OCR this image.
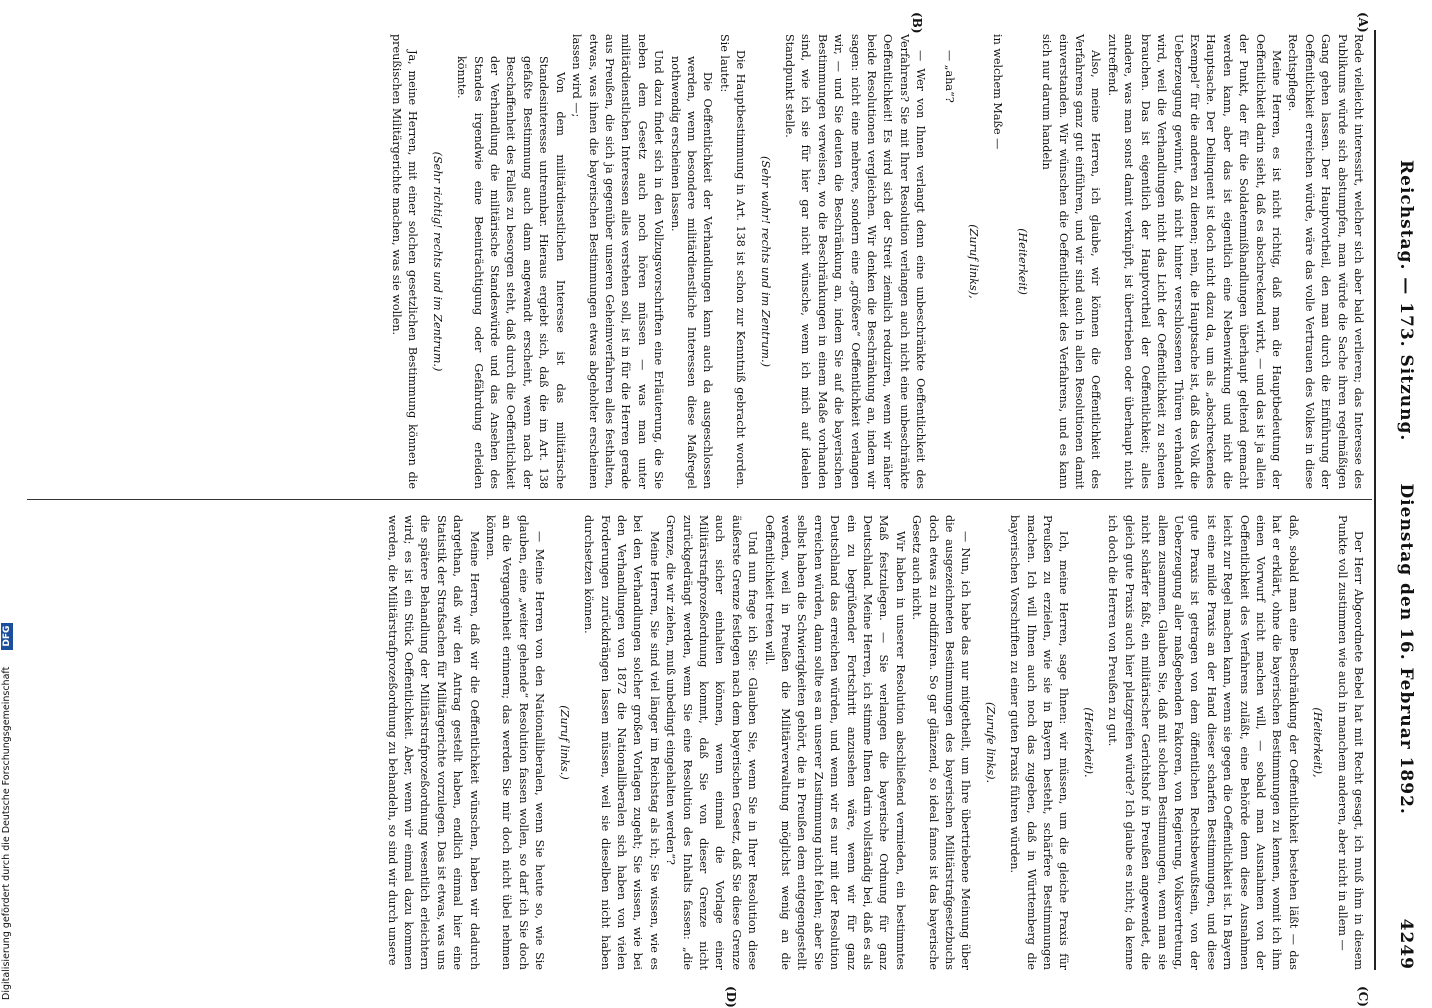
Reichstag. — 173. Sitzung.
Dienstag den 16. Februar 1892.  4249
(A)
(B)
(C)
(D)

Rede vielleicht interessirt, welcher sich aber bald verlieren; das Interesse des Publikums würde sich abstumpfen, man würde die Sache ihren regelmäßigen Gang gehen lassen. Der Hauptvortheil, den man durch die Einführung der Oeffentlichkeit erreichen würde, wäre das volle Vertrauen des Volkes in diese Rechtspflege.

Meine Herren, es ist nicht richtig, daß man die Hauptbedeutung der Oeffentlichkeit darin sieht, daß es abschreckend wirkt, — und das ist ja allein der Punkt, der für die Soldatenmißhandlungen überhaupt geltend gemacht werden kann, aber das ist eigentlich eine Nebenwirkung und nicht die Hauptsache. Der Delinquent ist doch nicht dazu da, um als „abschreckendes Exempel“ für die anderen zu dienen; nein, die Hauptsache ist, daß das Volk die Ueberzeugung gewinnt, daß nicht hinter verschlossenen Thüren verhandelt wird, weil die Verhandlungen nicht das Licht der Oeffentlichkeit zu scheuen brauchen. Das ist eigentlich der Hauptvortheil der Oeffentlichkeit; alles andere, was man sonst damit verknüpft, ist übertrieben oder überhaupt nicht zutreffend.

Also, meine Herren, ich glaube, wir können die Oeffentlichkeit des Verfahrens ganz gut einführen, und wir sind auch in allen Resolutionen damit einverstanden. Wir wünschen die Oeffentlichkeit des Verfahrens, und es kann sich nur darum handeln

(Heiterkeit)

in welchem Maße —

(Zuruf links),

— „aha“?

— Wer von Ihnen verlangt denn eine unbeschränkte Oeffentlichkeit des Verfahrens? Sie mit Ihrer Resolution verlangen auch nicht eine unbeschränkte Oeffentlichkeit! Es wird sich der Streit ziemlich reduziren, wenn wir näher beide Resolutionen vergleichen. Wir denken die Beschränkung an, indem wir sagen: nicht eine mehrere, sondern eine „größere“ Oeffentlichkeit verlangen wir, — und Sie deuten die Beschränkung an, indem Sie auf die bayerischen Bestimmungen verweisen, wo die Beschränkungen in einem Maße vorhanden sind, wie ich sie für hier gar nicht wünsche, wenn ich mich auf idealen Standpunkt stelle.

(Sehr wahr! rechts und im Zentrum.)

Die Hauptbestimmung in Art. 138 ist schon zur Kenntniß gebracht worden. Sie lautet:

Die Oeffentlichkeit der Verhandlungen kann auch da ausgeschlossen werden, wenn besondere militärdienstliche Interessen diese Maßregel nothwendig erscheinen lassen.

Und dazu findet sich in den Vollzugsvorschriften eine Erläuterung, die Sie neben dem Gesetz auch noch hören müssen — was man unter militärdienstlichen Interessen alles verstehen soll, ist in für die Herren gerade aus Preußen, die sich ja gegenüber unseren Geheimverfahren alles festhalten, etwas, was ihnen die bayerischen Bestimmungen etwas abgeholter erscheinen lassen wird —;

Von dem militärdienstlichen Interesse ist das militärische Standesinteresse untrennbar. Hieraus ergiebt sich, daß die im Art. 138 gefaßte Bestimmung auch dann angewandt erscheint, wenn nach der Beschaffenheit des Falles zu besorgen steht, daß durch die Oeffentlichkeit der Verhandlung die militärische Standeswürde und das Ansehen des Standes irgendwie eine Beeinträchtigung oder Gefährdung erleiden könnte.

(Sehr richtig! rechts und im Zentrum.)

Ja, meine Herren, mit einer solchen gesetzlichen Bestimmung können die preußischen Militärgerichte machen, was sie wollen.

Der Herr Abgeordnete Bebel hat mit Recht gesagt, ich muß ihm in diesem Punkte voll zustimmen wie auch in manchem anderen, aber nicht in allem —

(Heiterkeit),

daß, sobald man eine Beschränkung der Oeffentlichkeit bestehen läßt — das hat er erklärt, ohne die bayerischen Bestimmungen zu kennen, womit ich ihm einen Vorwurf nicht machen will, — sobald man Ausnahmen von der Oeffentlichkeit des Verfahrens zuläßt, eine Behörde denn diese Ausnahmen leicht zur Regel machen kann, wenn sie gegen die Oeffentlichkeit ist. In Bayern ist eine milde Praxis an der Hand dieser scharfen Bestimmungen, und diese gute Praxis ist getragen von dem öffentlichen Rechtsbewußtsein, von der Ueberzeugung aller maßgebenden Faktoren, von Regierung, Volksvertretung, allem zusammen. Glauben Sie, daß mit solchen Bestimmungen, wenn man sie nicht schärfer faßt, ein militärischer Gerichtshof in Preußen angewendet, die gleich gute Praxis auch hier platzgreifen würde? Ich glaube es nicht; da kenne ich doch die Herren von Preußen zu gut.

(Heiterkeit).

Ich, meine Herren, sage Ihnen: wir müssen, um die gleiche Praxis für Preußen zu erzielen, wie sie in Bayern besteht, schärfere Bestimmungen machen. Ich will Ihnen auch noch das zugeben, daß in Württemberg die bayerischen Vorschriften zu einer guten Praxis führen würden.

(Zurufe links).

— Nun, ich habe das nur mitgetheilt, um Ihre übertriebene Meinung über die ausgezeichneten Bestimmungen des bayerischen Militärstrafgesetzbuchs doch etwas zu modifiziren. So gar glänzend, so ideal famos ist das bayerische Gesetz auch nicht.

Wir haben in unserer Resolution abschließend vermieden, ein bestimmtes Maß festzulegen. — Sie verlangen die bayerische Ordnung für ganz Deutschland. Meine Herren, ich stimme Ihnen darin vollständig bei, daß es als ein zu begrüßender Fortschritt anzusehen wäre, wenn wir für ganz Deutschland das erreichen würden, und wenn wir es nur mit der Resolution erreichen würden, dann sollte es an unserer Zustimmung nicht fehlen; aber Sie selbst haben die Schwierigkeiten gehört, die in Preußen dem entgegengestellt werden, weil in Preußen die Militärverwaltung möglichst wenig an die Oeffentlichkeit treten will.

Und nun frage ich Sie: Glauben Sie, wenn Sie in Ihrer Resolution diese äußerste Grenze festlegen nach dem bayerischen Gesetz, daß Sie diese Grenze auch sicher einhalten können, wenn einmal die Vorlage einer Militärstrafprozeßordnung kommt, daß Sie von dieser Grenze nicht zurückgedrängt werden, wenn Sie eine Resolution des Inhalts fassen: „die Grenze, die wir ziehen, muß unbedingt eingehalten werden“?

Meine Herren, Sie sind viel länger im Reichstag als ich; Sie wissen, wie es bei den Verhandlungen solcher großen Vorlagen zugeht; Sie wissen, wie bei den Verhandlungen von 1872 die Nationalliberalen sich haben von vielen Forderungen zurückdrängen lassen müssen, weil sie dieselben nicht haben durchsetzen können.

(Zuruf links.)

— Meine Herren von den Nationalliberalen, wenn Sie heute so, wie Sie glauben, eine „weiter gehende“ Resolution fassen wollen, so darf ich Sie doch an die Vergangenheit erinnern; das werden Sie mir doch nicht übel nehmen können.

Meine Herren, daß wir die Oeffentlichkeit wünschen, haben wir dadurch dargethan, daß wir den Antrag gestellt haben, endlich einmal hier eine Statistik der Strafsachen für Militärgerichte vorzulegen. Das ist etwas, was uns die spätere Behandlung der Militärstrafprozeßordnung wesentlich erleichtern wird; es ist ein Stück Oeffentlichkeit. Aber, wenn wir einmal dazu kommen werden, die Militärstrafprozeßordnung zu behandeln, so sind wir durch unsere

Digitalisierung gefördert durch die Deutsche Forschungsgemeinschaft DFG
